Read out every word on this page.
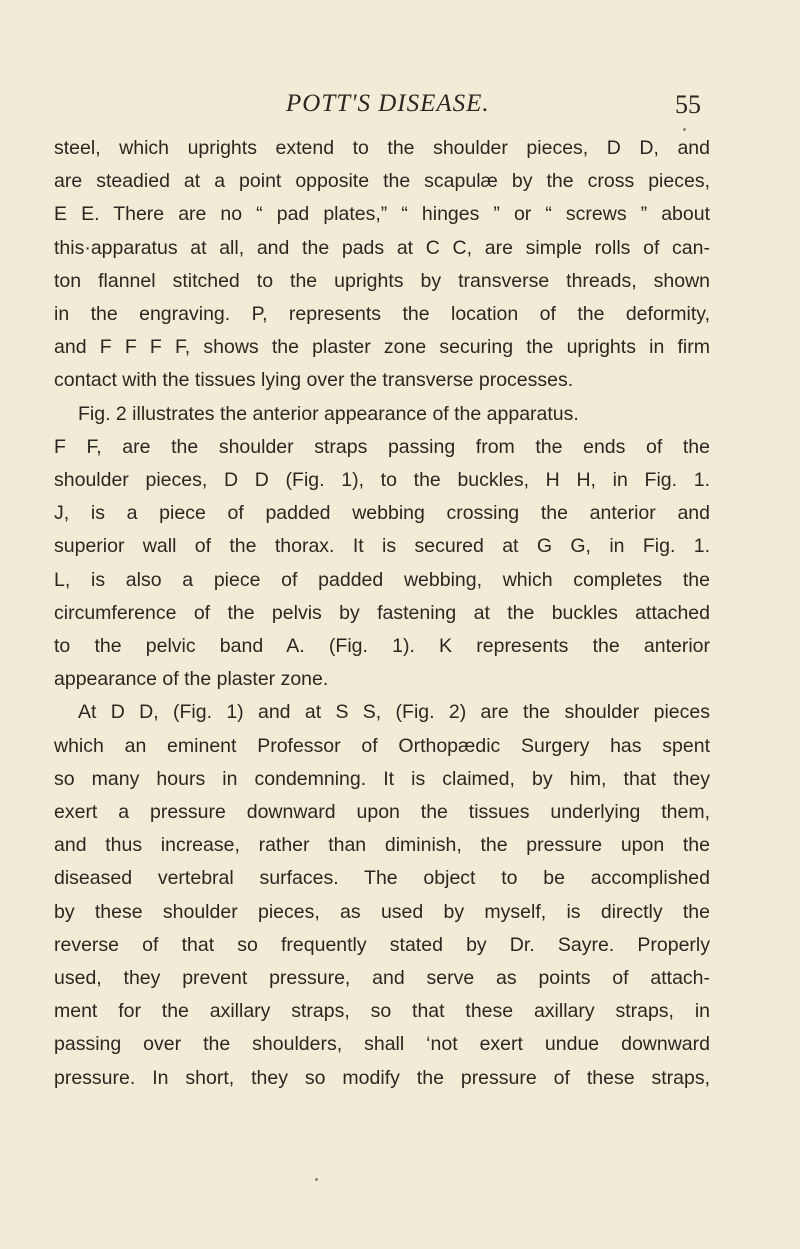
POTT'S DISEASE.	55
steel, which uprights extend to the shoulder pieces, D D, and
are steadied at a point opposite the scapulæ by the cross pieces,
E E. There are no “ pad plates,” “ hinges ” or “ screws ” about
this·apparatus at all, and the pads at C C, are simple rolls of can-
ton flannel stitched to the uprights by transverse threads, shown
in the engraving. P, represents the location of the deformity,
and F F F F, shows the plaster zone securing the uprights in firm
contact with the tissues lying over the transverse processes.
Fig. 2 illustrates the anterior appearance of the apparatus.
F F, are the shoulder straps passing from the ends of the
shoulder pieces, D D (Fig. 1), to the buckles, H H, in Fig. 1.
J, is a piece of padded webbing crossing the anterior and
superior wall of the thorax. It is secured at G G, in Fig. 1.
L, is also a piece of padded webbing, which completes the
circumference of the pelvis by fastening at the buckles attached
to the pelvic band A. (Fig. 1). K represents the anterior
appearance of the plaster zone.
At D D, (Fig. 1) and at S S, (Fig. 2) are the shoulder pieces
which an eminent Professor of Orthopædic Surgery has spent
so many hours in condemning. It is claimed, by him, that they
exert a pressure downward upon the tissues underlying them,
and thus increase, rather than diminish, the pressure upon the
diseased vertebral surfaces. The object to be accomplished
by these shoulder pieces, as used by myself, is directly the
reverse of that so frequently stated by Dr. Sayre. Properly
used, they prevent pressure, and serve as points of attach-
ment for the axillary straps, so that these axillary straps, in
passing over the shoulders, shall ‘not exert undue downward
pressure. In short, they so modify the pressure of these straps,
